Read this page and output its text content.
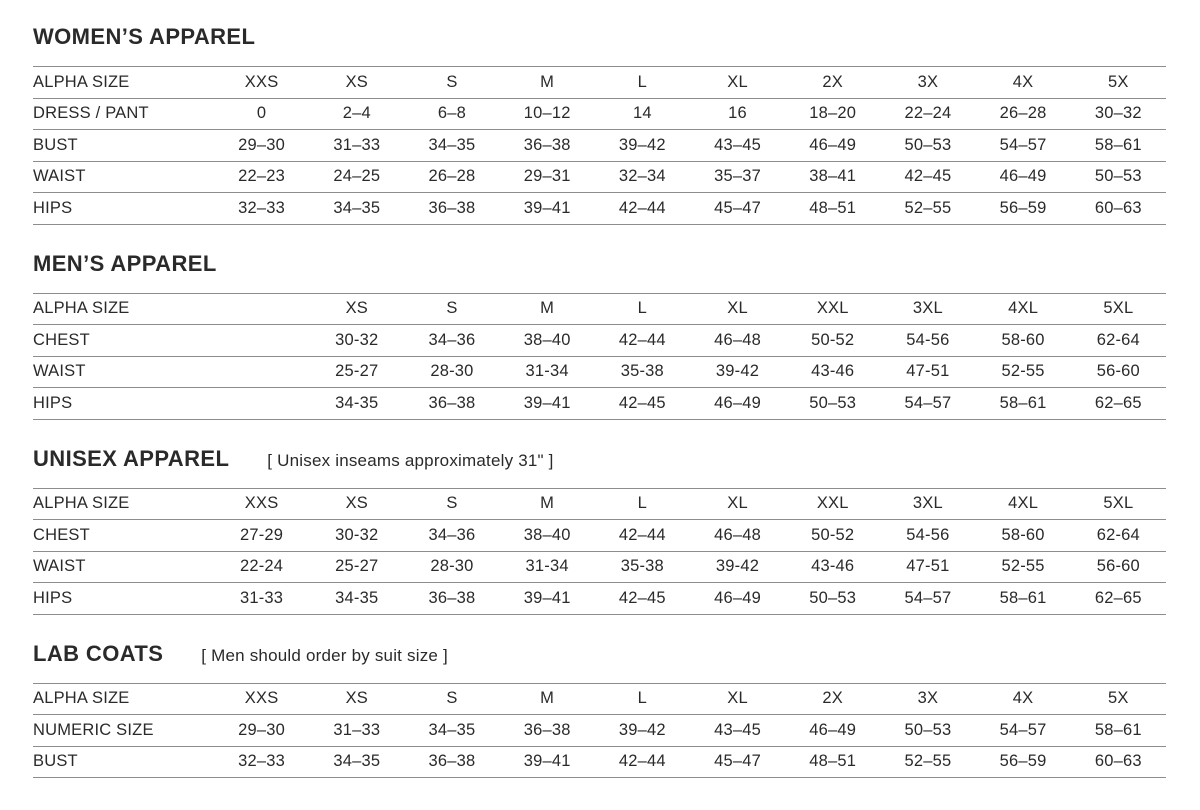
WOMEN’S APPAREL
ALPHA SIZE	XXS	XS	S	M	L	XL	2X	3X	4X	5X
DRESS / PANT	0	2–4	6–8	10–12	14	16	18–20	22–24	26–28	30–32
BUST	29–30	31–33	34–35	36–38	39–42	43–45	46–49	50–53	54–57	58–61
WAIST	22–23	24–25	26–28	29–31	32–34	35–37	38–41	42–45	46–49	50–53
HIPS	32–33	34–35	36–38	39–41	42–44	45–47	48–51	52–55	56–59	60–63
MEN’S APPAREL
ALPHA SIZE		XS	S	M	L	XL	XXL	3XL	4XL	5XL
CHEST		30-32	34–36	38–40	42–44	46–48	50-52	54-56	58-60	62-64
WAIST		25-27	28-30	31-34	35-38	39-42	43-46	47-51	52-55	56-60
HIPS		34-35	36–38	39–41	42–45	46–49	50–53	54–57	58–61	62–65
UNISEX APPAREL [ Unisex inseams approximately 31" ]
ALPHA SIZE	XXS	XS	S	M	L	XL	XXL	3XL	4XL	5XL
CHEST	27-29	30-32	34–36	38–40	42–44	46–48	50-52	54-56	58-60	62-64
WAIST	22-24	25-27	28-30	31-34	35-38	39-42	43-46	47-51	52-55	56-60
HIPS	31-33	34-35	36–38	39–41	42–45	46–49	50–53	54–57	58–61	62–65
LAB COATS [ Men should order by suit size ]
ALPHA SIZE	XXS	XS	S	M	L	XL	2X	3X	4X	5X
NUMERIC SIZE	29–30	31–33	34–35	36–38	39–42	43–45	46–49	50–53	54–57	58–61
BUST	32–33	34–35	36–38	39–41	42–44	45–47	48–51	52–55	56–59	60–63
